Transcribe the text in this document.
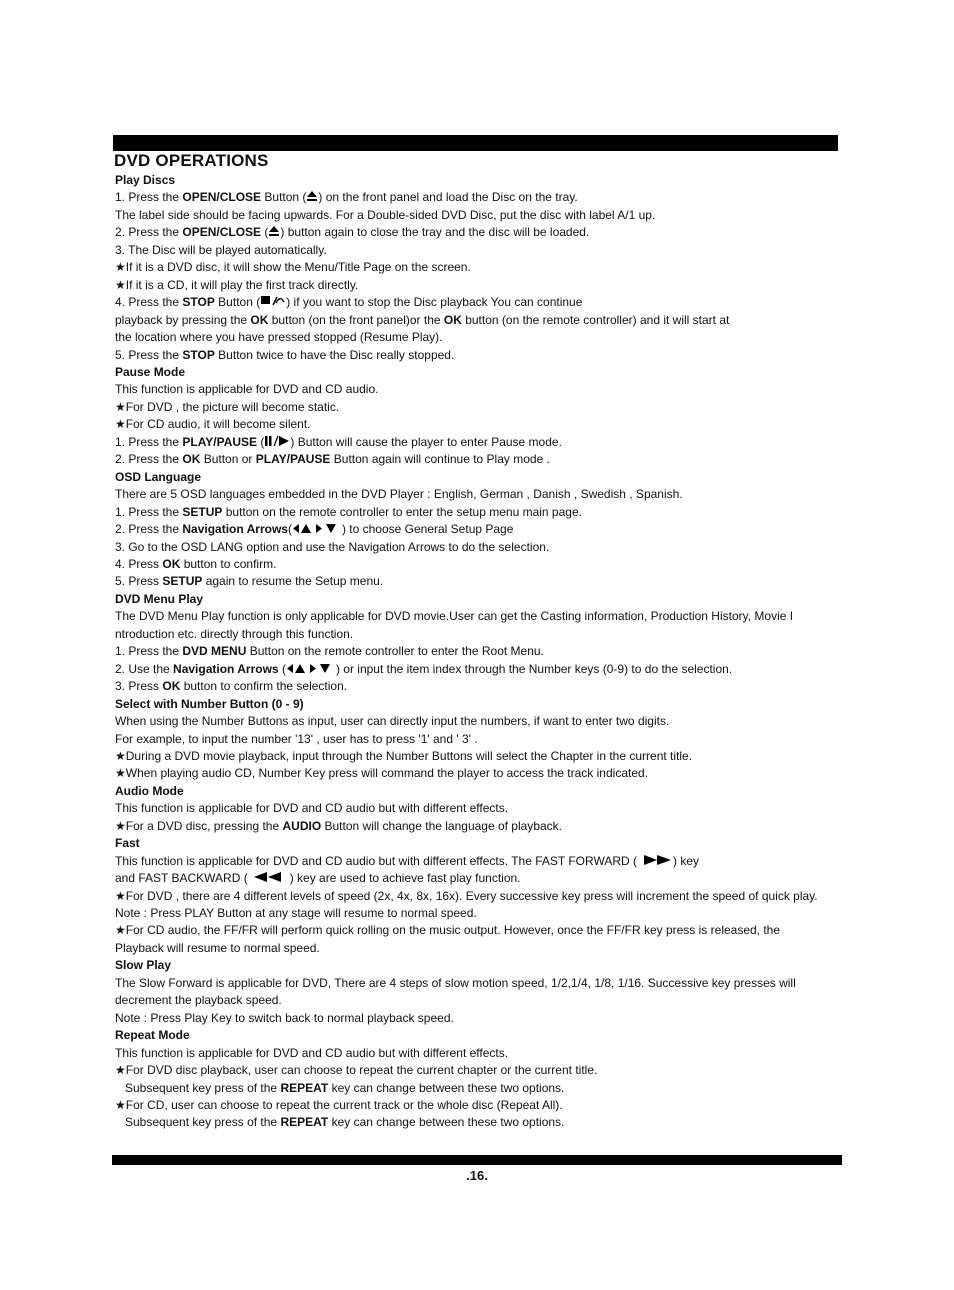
DVD OPERATIONS

Play Discs

1. Press the OPEN/CLOSE Button ( ) on the front panel and load the Disc on the tray.

The label side should be facing upwards. For a Double-sided DVD Disc, put the disc with label A/1 up.

2. Press the OPEN/CLOSE ( ) button again to close the tray and the disc will be loaded.

3. The Disc will be played automatically.

★If it is a DVD disc, it will show the Menu/Title Page on the screen.

★If it is a CD, it will play the first track directly.

4. Press the STOP Button ( ) if you want to stop the Disc playback You can continue

playback by pressing the OK button (on the front panel)or the OK button (on the remote controller) and it will start at

the location where you have pressed stopped (Resume Play).

5. Press the STOP Button twice to have the Disc really stopped.

Pause Mode

This function is applicable for DVD and CD audio.

★For DVD , the picture will become static.

★For CD audio, it will become silent.

1. Press the PLAY/PAUSE ( ) Button will cause the player to enter Pause mode.

2. Press the OK Button or PLAY/PAUSE Button again will continue to Play mode .

OSD Language

There are 5 OSD languages embedded in the DVD Player : English, German , Danish , Swedish , Spanish.

1. Press the SETUP button on the remote controller to enter the setup menu main page.

2. Press the Navigation Arrows(	) to choose General Setup Page

3. Go to the OSD LANG option and use the Navigation Arrows to do the selection.

4. Press OK button to confirm.

5. Press SETUP again to resume the Setup menu.

DVD Menu Play

The DVD Menu Play function is only applicable for DVD movie.User can get the Casting information, Production History, Movie I

ntroduction etc. directly through this function.

1. Press the DVD MENU Button on the remote controller to enter the Root Menu.

2. Use the Navigation Arrows (	) or input the item index through the Number keys (0-9) to do the selection.

3. Press OK button to confirm the selection.

Select with Number Button (0 - 9)

When using the Number Buttons as input, user can directly input the numbers, if want to enter two digits.

For example, to input the number '13' , user has to press '1' and ' 3' .

★During a DVD movie playback, input through the Number Buttons will select the Chapter in the current title.

★When playing audio CD, Number Key press will command the player to access the track indicated.

Audio Mode

This function is applicable for DVD and CD audio but with different effects.

★For a DVD disc, pressing the AUDIO Button will change the language of playback.

Fast

This function is applicable for DVD and CD audio but with different effects. The FAST FORWARD (	) key

and FAST BACKWARD (	) key are used to achieve fast play function.

★For DVD , there are 4 different levels of speed (2x, 4x, 8x, 16x). Every successive key press will increment the speed of quick play.

Note : Press PLAY Button at any stage will resume to normal speed.

★For CD audio, the FF/FR will perform quick rolling on the music output. However, once the FF/FR key press is released, the

Playback will resume to normal speed.

Slow Play

The Slow Forward is applicable for DVD, There are 4 steps of slow motion speed, 1/2,1/4, 1/8, 1/16. Successive key presses will

decrement the playback speed.

Note : Press Play Key to switch back to normal playback speed.

Repeat Mode

This function is applicable for DVD and CD audio but with different effects.

★For DVD disc playback, user can choose to repeat the current chapter or the current title.

Subsequent key press of the REPEAT key can change between these two options.

★For CD, user can choose to repeat the current track or the whole disc (Repeat All).

Subsequent key press of the REPEAT key can change between these two options.

.16.
